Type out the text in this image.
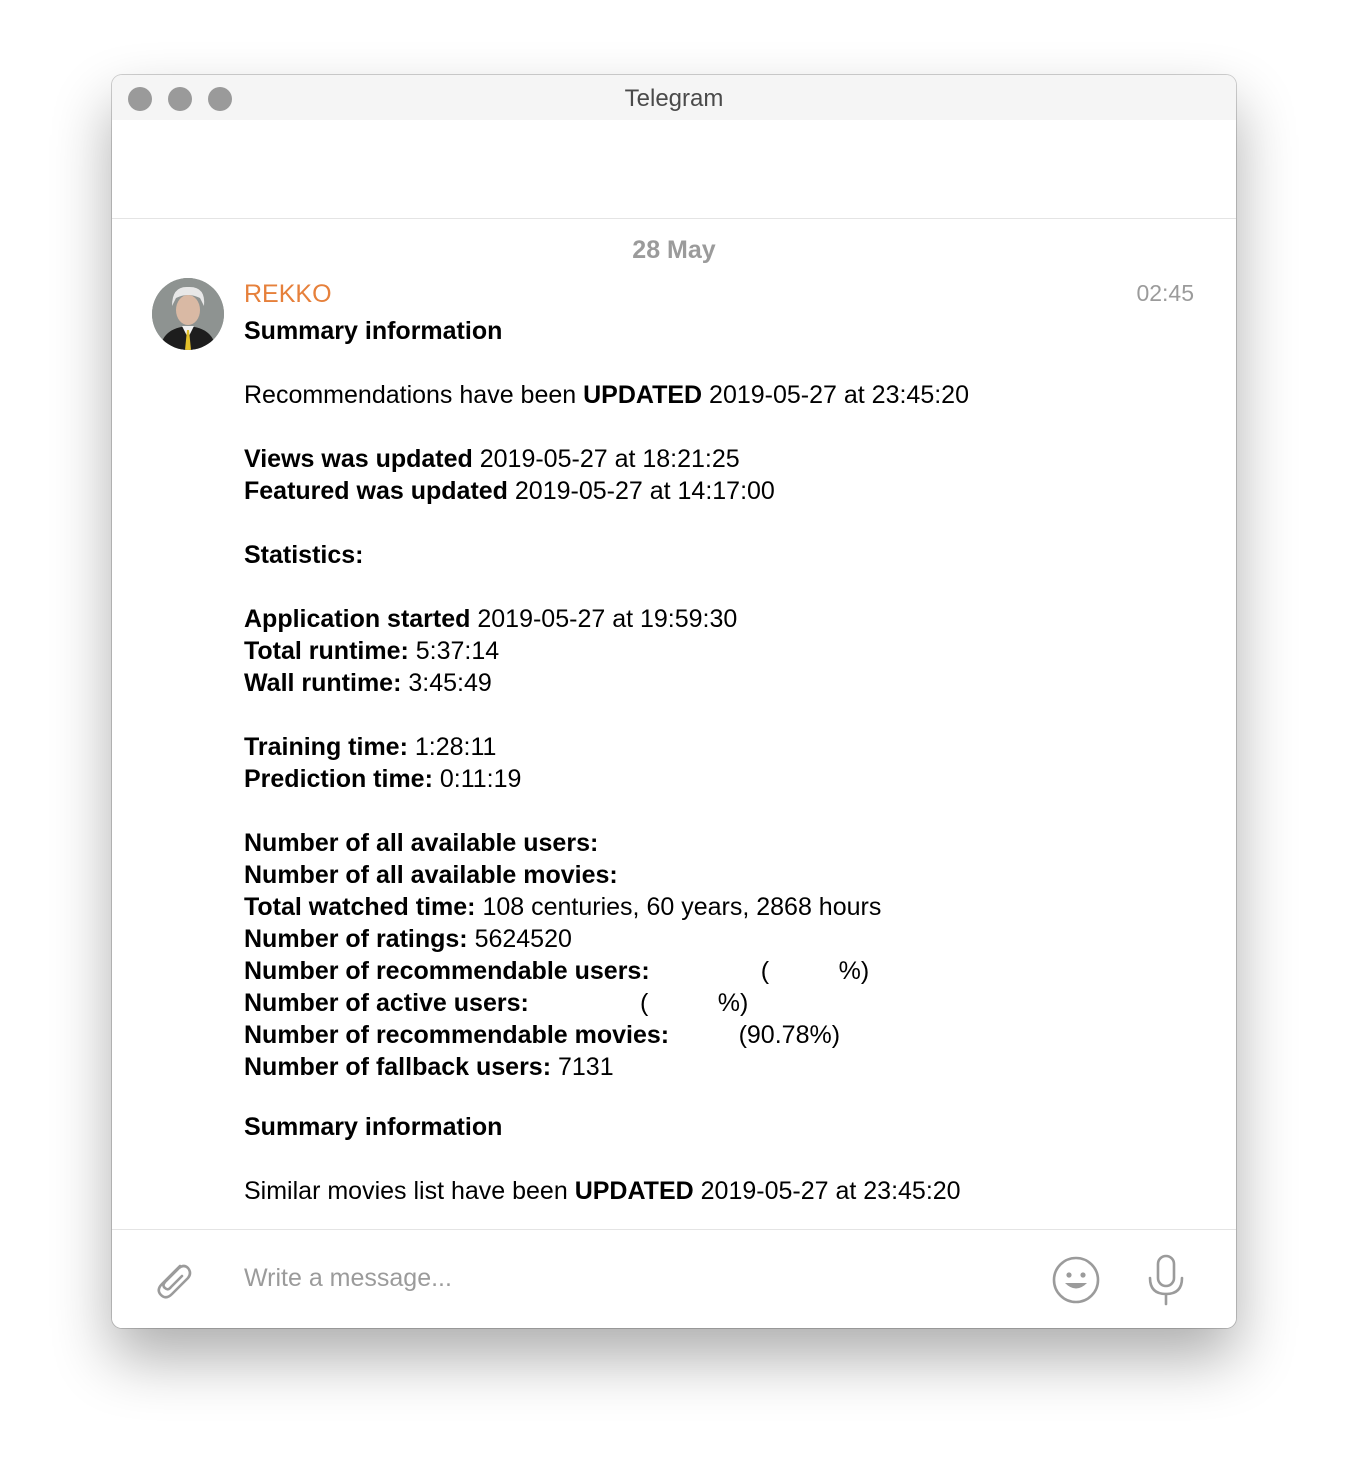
Telegram
28 May
REKKO	02:45
Summary information
Recommendations have been UPDATED 2019-05-27 at 23:45:20
Views was updated 2019-05-27 at 18:21:25
Featured was updated 2019-05-27 at 14:17:00
Statistics:
Application started 2019-05-27 at 19:59:30
Total runtime: 5:37:14
Wall runtime: 3:45:49
Training time: 1:28:11
Prediction time: 0:11:19
Number of all available users:
Number of all available movies:
Total watched time: 108 centuries, 60 years, 2868 hours
Number of ratings: 5624520
Number of recommendable users:                (          %)
Number of active users:                (          %)
Number of recommendable movies:          (90.78%)
Number of fallback users: 7131
Summary information
Similar movies list have been UPDATED 2019-05-27 at 23:45:20
Write a message...
